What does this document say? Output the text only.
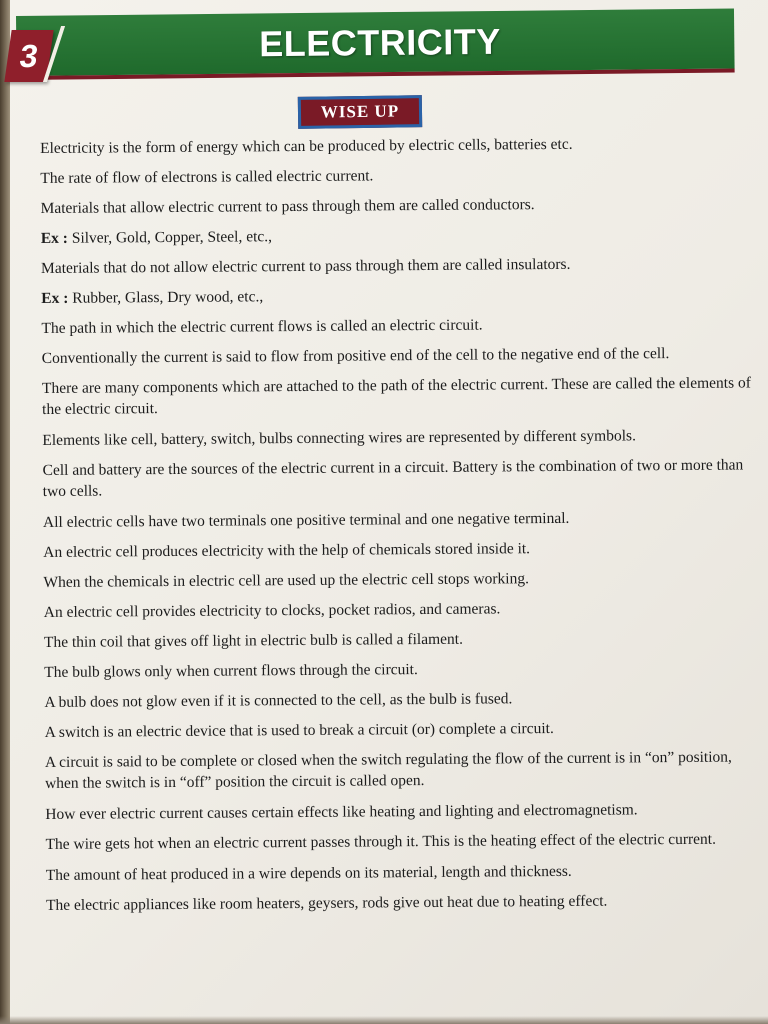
3	ELECTRICITY
WISE UP

Electricity is the form of energy which can be produced by electric cells, batteries etc.

The rate of flow of electrons is called electric current.

Materials that allow electric current to pass through them are called conductors.

Ex : Silver, Gold, Copper, Steel, etc.,

Materials that do not allow electric current to pass through them are called insulators.

Ex : Rubber, Glass, Dry wood, etc.,

The path in which the electric current flows is called an electric circuit.

Conventionally the current is said to flow from positive end of the cell to the negative end of the cell.

There are many components which are attached to the path of the electric current. These are called the elements of the electric circuit.

Elements like cell, battery, switch, bulbs connecting wires are represented by different symbols.

Cell and battery are the sources of the electric current in a circuit. Battery is the combination of two or more than two cells.

All electric cells have two terminals one positive terminal and one negative terminal.

An electric cell produces electricity with the help of chemicals stored inside it.

When the chemicals in electric cell are used up the electric cell stops working.

An electric cell provides electricity to clocks, pocket radios, and cameras.

The thin coil that gives off light in electric bulb is called a filament.

The bulb glows only when current flows through the circuit.

A bulb does not glow even if it is connected to the cell, as the bulb is fused.

A switch is an electric device that is used to break a circuit (or) complete a circuit.

A circuit is said to be complete or closed when the switch regulating the flow of the current is in “on” position, when the switch is in “off” position the circuit is called open.

How ever electric current causes certain effects like heating and lighting and electromagnetism.

The wire gets hot when an electric current passes through it. This is the heating effect of the electric current.

The amount of heat produced in a wire depends on its material, length and thickness.

The electric appliances like room heaters, geysers, rods give out heat due to heating effect.
